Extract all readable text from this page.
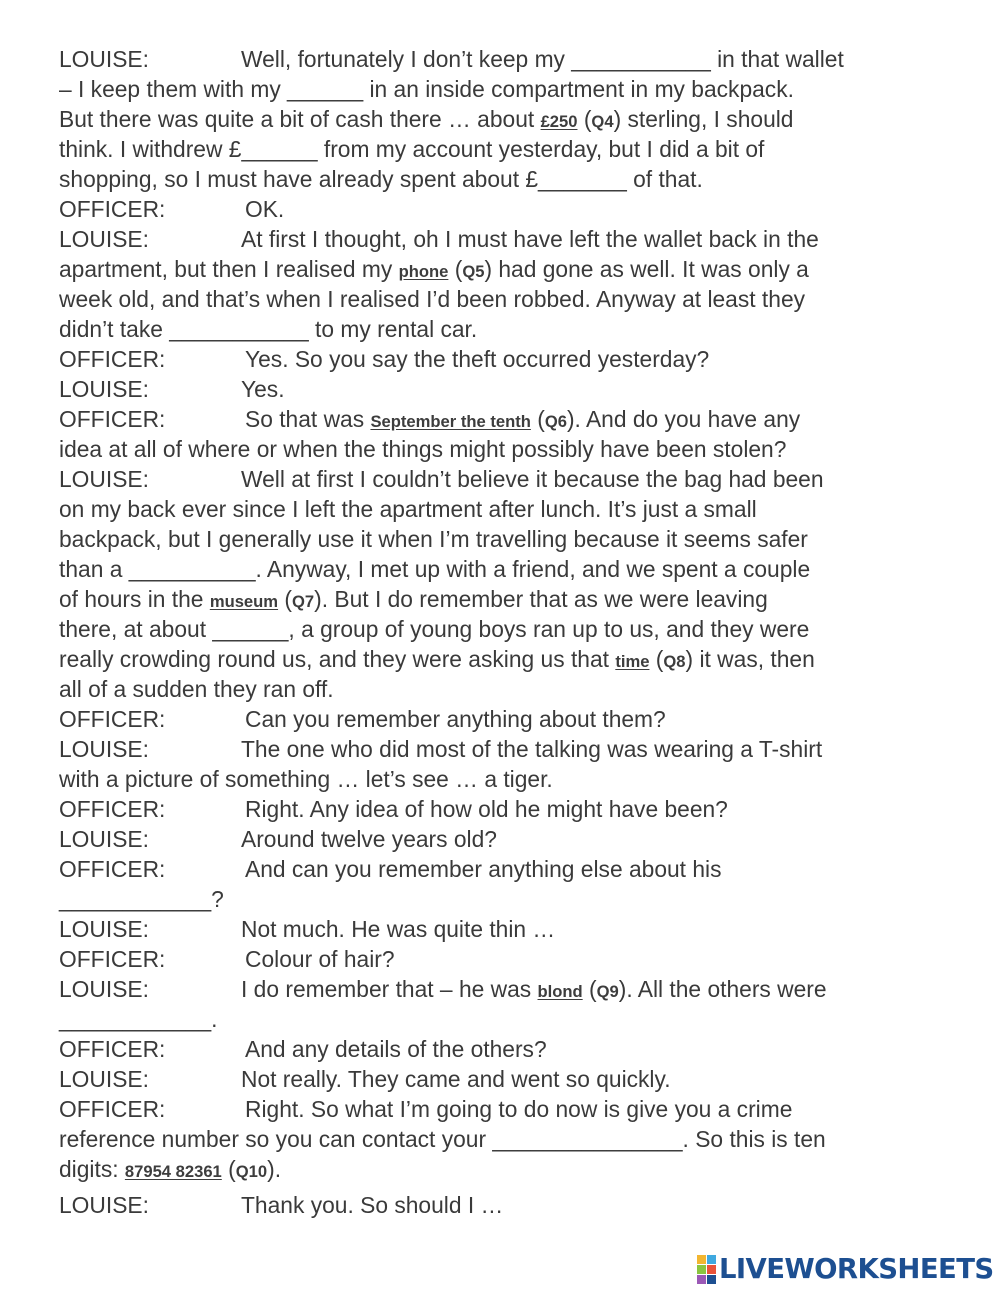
LOUISE:	Well, fortunately I don’t keep my ___________ in that wallet
– I keep them with my ______ in an inside compartment in my backpack.
But there was quite a bit of cash there … about £250 (Q4) sterling, I should
think. I withdrew £______ from my account yesterday, but I did a bit of
shopping, so I must have already spent about £_______ of that.
OFFICER:	OK.
LOUISE:	At first I thought, oh I must have left the wallet back in the
apartment, but then I realised my phone (Q5) had gone as well. It was only a
week old, and that’s when I realised I’d been robbed. Anyway at least they
didn’t take ___________ to my rental car.
OFFICER:	Yes. So you say the theft occurred yesterday?
LOUISE:	Yes.
OFFICER:	So that was September the tenth (Q6). And do you have any
idea at all of where or when the things might possibly have been stolen?
LOUISE:	Well at first I couldn’t believe it because the bag had been
on my back ever since I left the apartment after lunch. It’s just a small
backpack, but I generally use it when I’m travelling because it seems safer
than a __________. Anyway, I met up with a friend, and we spent a couple
of hours in the museum (Q7). But I do remember that as we were leaving
there, at about ______, a group of young boys ran up to us, and they were
really crowding round us, and they were asking us that time (Q8) it was, then
all of a sudden they ran off.
OFFICER:	Can you remember anything about them?
LOUISE:	The one who did most of the talking was wearing a T-shirt
with a picture of something … let’s see … a tiger.
OFFICER:	Right. Any idea of how old he might have been?
LOUISE:	Around twelve years old?
OFFICER:	And can you remember anything else about his
____________?
LOUISE:	Not much. He was quite thin …
OFFICER:	Colour of hair?
LOUISE:	I do remember that – he was blond (Q9). All the others were
____________.
OFFICER:	And any details of the others?
LOUISE:	Not really. They came and went so quickly.
OFFICER:	Right. So what I’m going to do now is give you a crime
reference number so you can contact your _______________. So this is ten
digits: 87954 82361 (Q10).
LOUISE:	Thank you. So should I …
LIVEWORKSHEETS
